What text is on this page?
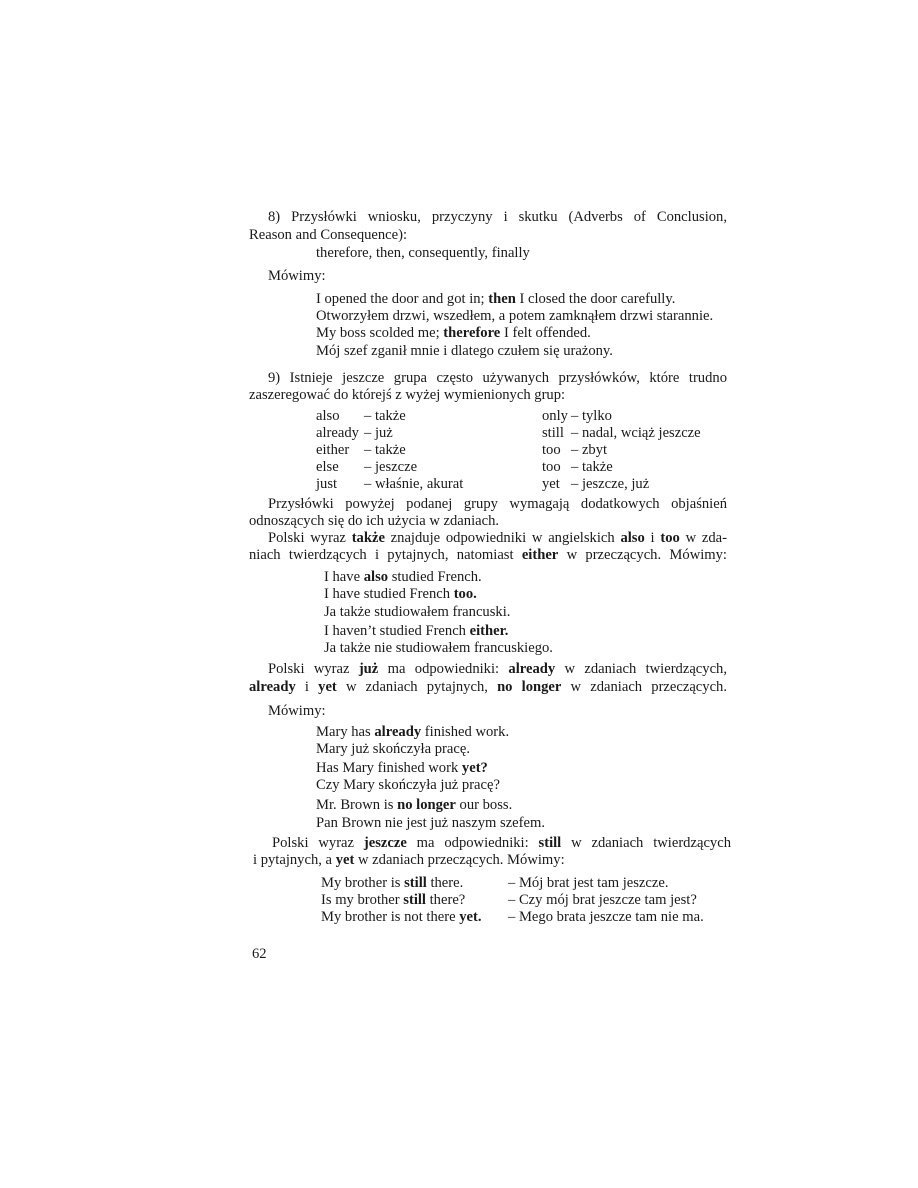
8) Przysłówki wniosku, przyczyny i skutku (Adverbs of Conclusion,
Reason and Consequence):
therefore, then, consequently, finally
Mówimy:
I opened the door and got in; then I closed the door carefully.
Otworzyłem drzwi, wszedłem, a potem zamknąłem drzwi starannie.
My boss scolded me; therefore I felt offended.
Mój szef zganił mnie i dlatego czułem się urażony.
9) Istnieje jeszcze grupa często używanych przysłówków, które trudno
zaszeregować do którejś z wyżej wymienionych grup:
also – także
already – już
either – także
else – jeszcze
just – właśnie, akurat
only – tylko
still – nadal, wciąż jeszcze
too – zbyt
too – także
yet – jeszcze, już
Przysłówki powyżej podanej grupy wymagają dodatkowych objaśnień
odnoszących się do ich użycia w zdaniach.
Polski wyraz także znajduje odpowiedniki w angielskich also i too w zda-
niach twierdzących i pytajnych, natomiast either w przeczących. Mówimy:
I have also studied French.
I have studied French too.
Ja także studiowałem francuski.
I haven’t studied French either.
Ja także nie studiowałem francuskiego.
Polski wyraz już ma odpowiedniki: already w zdaniach twierdzących,
already i yet w zdaniach pytajnych, no longer w zdaniach przeczących.
Mówimy:
Mary has already finished work.
Mary już skończyła pracę.
Has Mary finished work yet?
Czy Mary skończyła już pracę?
Mr. Brown is no longer our boss.
Pan Brown nie jest już naszym szefem.
Polski wyraz jeszcze ma odpowiedniki: still w zdaniach twierdzących
i pytajnych, a yet w zdaniach przeczących. Mówimy:
My brother is still there.	– Mój brat jest tam jeszcze.
Is my brother still there?	– Czy mój brat jeszcze tam jest?
My brother is not there yet. – Mego brata jeszcze tam nie ma.
62
